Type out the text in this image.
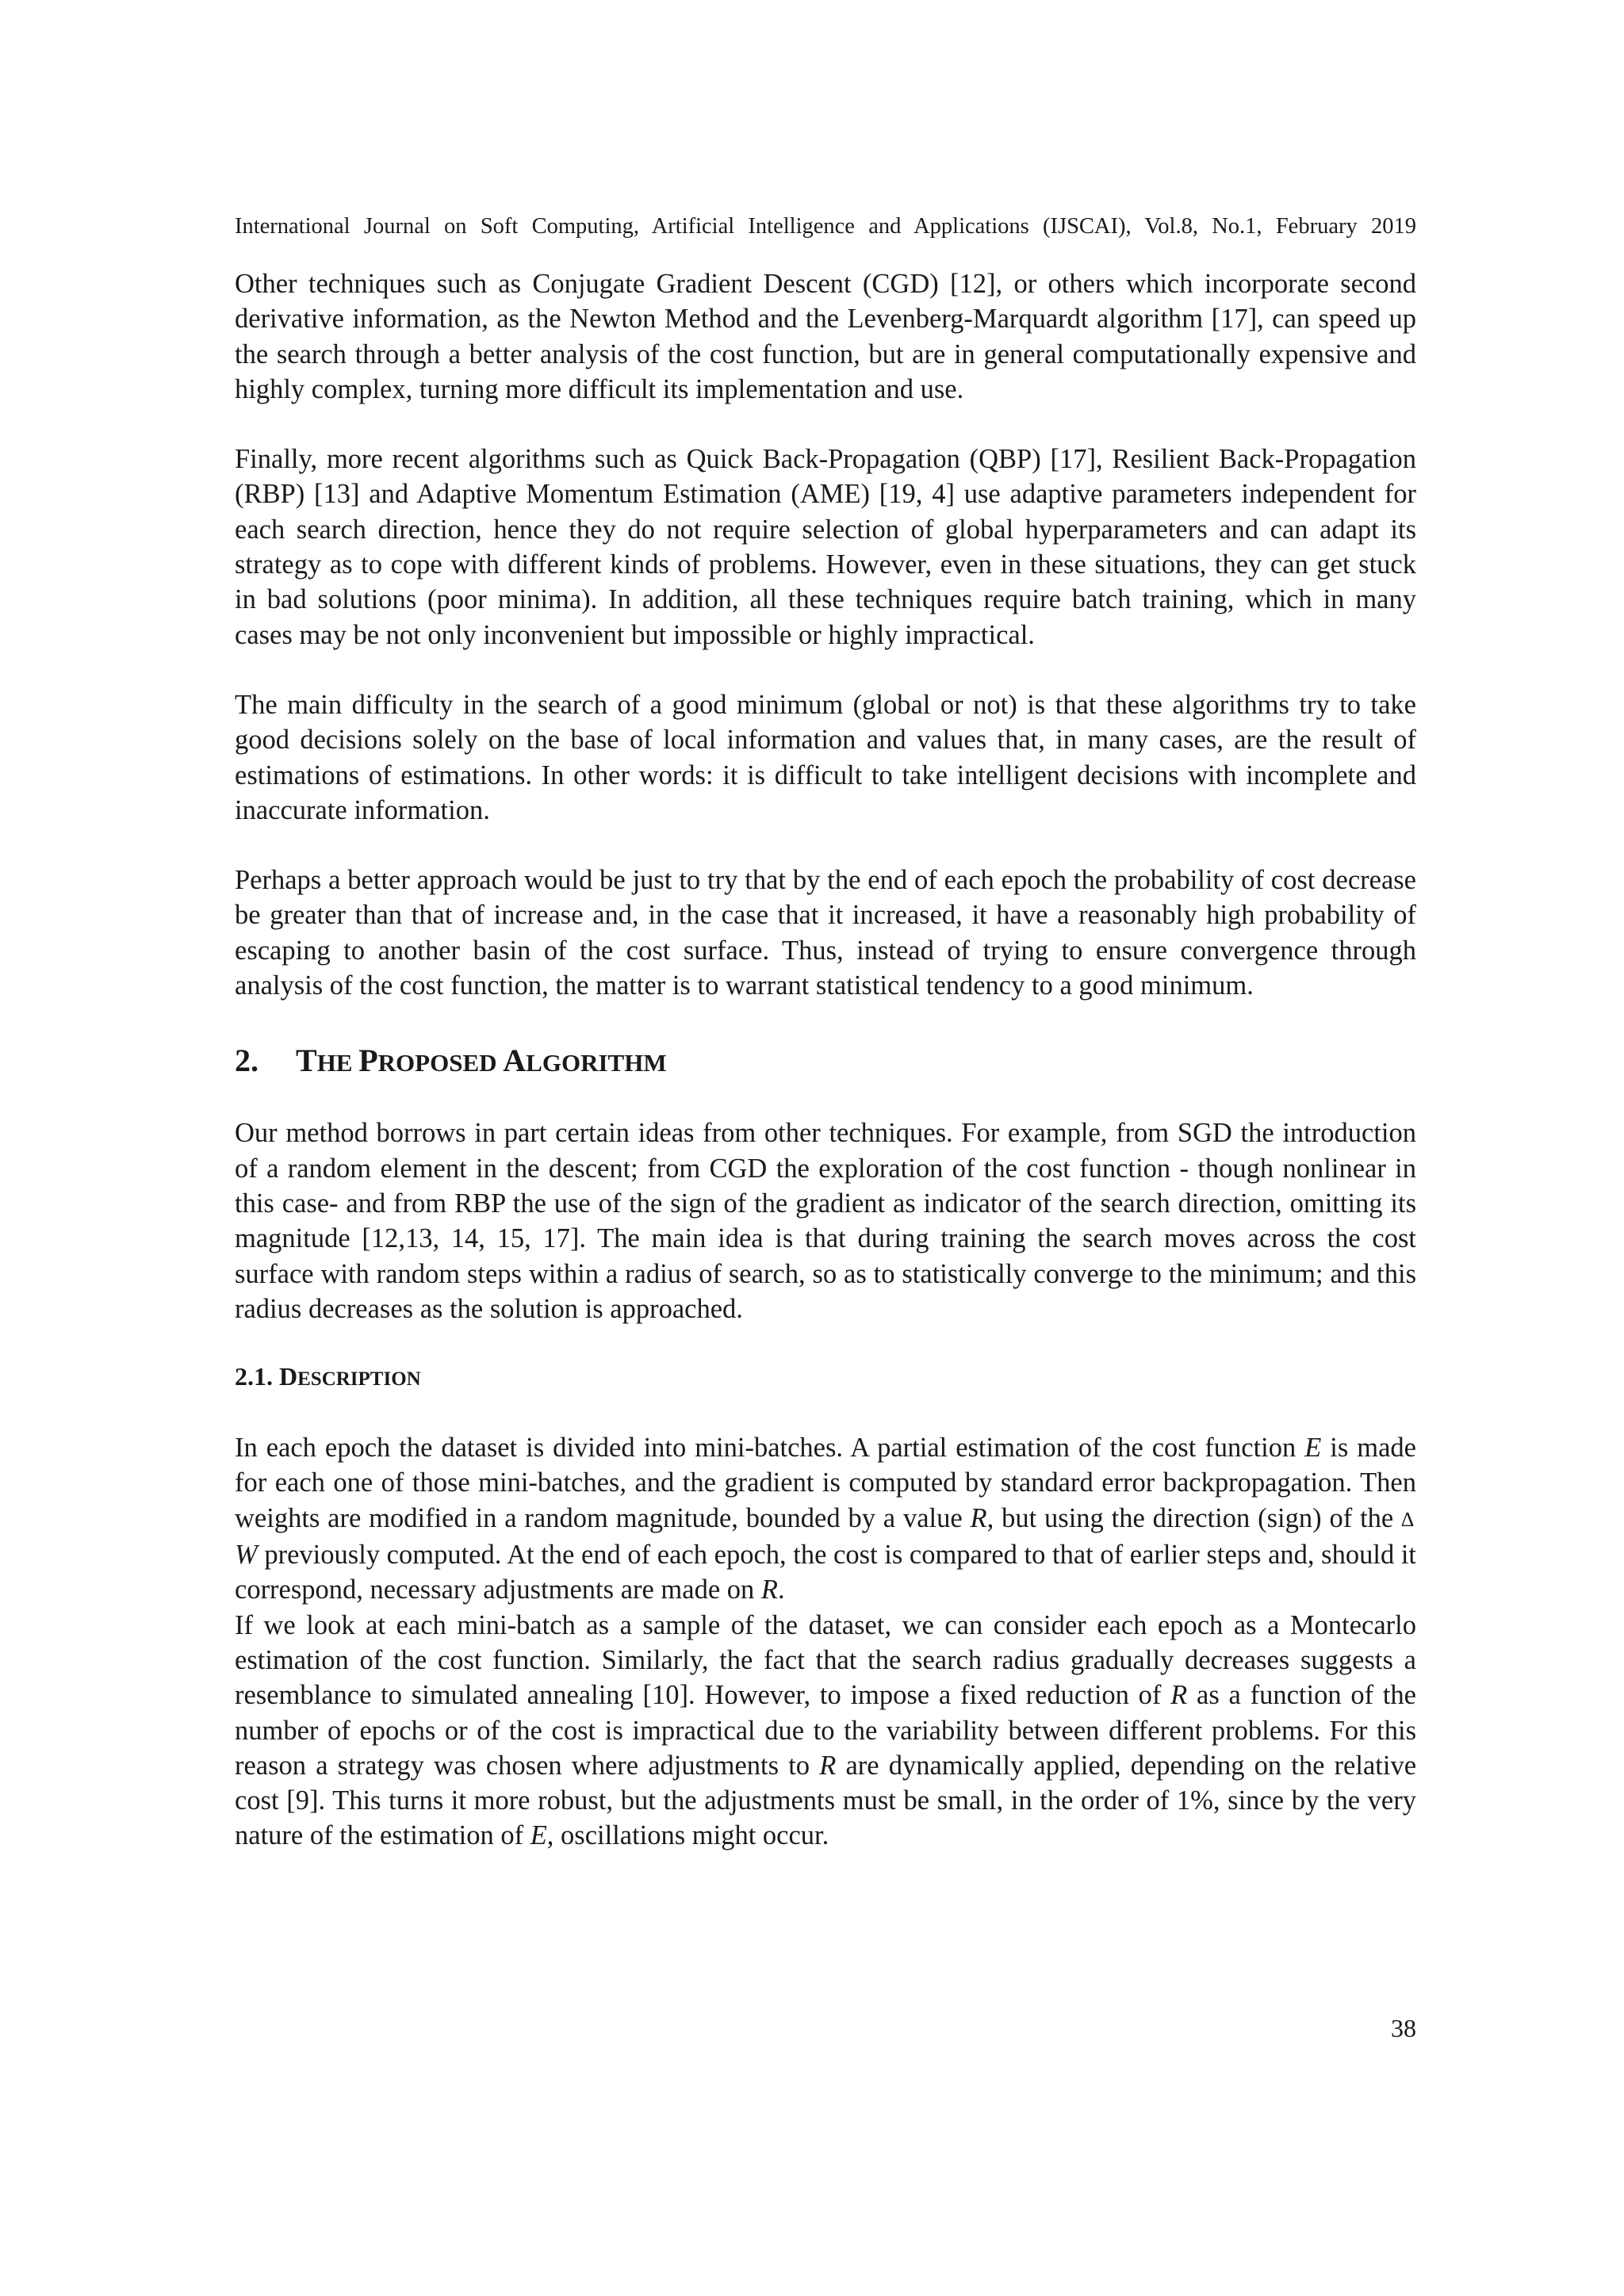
International Journal on Soft Computing, Artificial Intelligence and Applications (IJSCAI), Vol.8, No.1, February 2019

Other techniques such as Conjugate Gradient Descent (CGD) [12], or others which incorporate second derivative information, as the Newton Method and the Levenberg-Marquardt algorithm [17], can speed up the search through a better analysis of the cost function, but are in general computationally expensive and highly complex, turning more difficult its implementation and use.

Finally, more recent algorithms such as Quick Back-Propagation (QBP) [17], Resilient Back-Propagation (RBP) [13] and Adaptive Momentum Estimation (AME) [19, 4] use adaptive parameters independent for each search direction, hence they do not require selection of global hyperparameters and can adapt its strategy as to cope with different kinds of problems. However, even in these situations, they can get stuck in bad solutions (poor minima). In addition, all these techniques require batch training, which in many cases may be not only inconvenient but impossible or highly impractical.

The main difficulty in the search of a good minimum (global or not) is that these algorithms try to take good decisions solely on the base of local information and values that, in many cases, are the result of estimations of estimations. In other words: it is difficult to take intelligent decisions with incomplete and inaccurate information.

Perhaps a better approach would be just to try that by the end of each epoch the probability of cost decrease be greater than that of increase and, in the case that it increased, it have a reasonably high probability of escaping to another basin of the cost surface. Thus, instead of trying to ensure convergence through analysis of the cost function, the matter is to warrant statistical tendency to a good minimum.

2. THE PROPOSED ALGORITHM

Our method borrows in part certain ideas from other techniques. For example, from SGD the introduction of a random element in the descent; from CGD the exploration of the cost function - though nonlinear in this case- and from RBP the use of the sign of the gradient as indicator of the search direction, omitting its magnitude [12,13, 14, 15, 17]. The main idea is that during training the search moves across the cost surface with random steps within a radius of search, so as to statistically converge to the minimum; and this radius decreases as the solution is approached.

2.1. DESCRIPTION

In each epoch the dataset is divided into mini-batches. A partial estimation of the cost function E is made for each one of those mini-batches, and the gradient is computed by standard error backpropagation. Then weights are modified in a random magnitude, bounded by a value R, but using the direction (sign) of the ∆W previously computed. At the end of each epoch, the cost is compared to that of earlier steps and, should it correspond, necessary adjustments are made on R.

If we look at each mini-batch as a sample of the dataset, we can consider each epoch as a Montecarlo estimation of the cost function. Similarly, the fact that the search radius gradually decreases suggests a resemblance to simulated annealing [10]. However, to impose a fixed reduction of R as a function of the number of epochs or of the cost is impractical due to the variability between different problems. For this reason a strategy was chosen where adjustments to R are dynamically applied, depending on the relative cost [9]. This turns it more robust, but the adjustments must be small, in the order of 1%, since by the very nature of the estimation of E, oscillations might occur.

38
